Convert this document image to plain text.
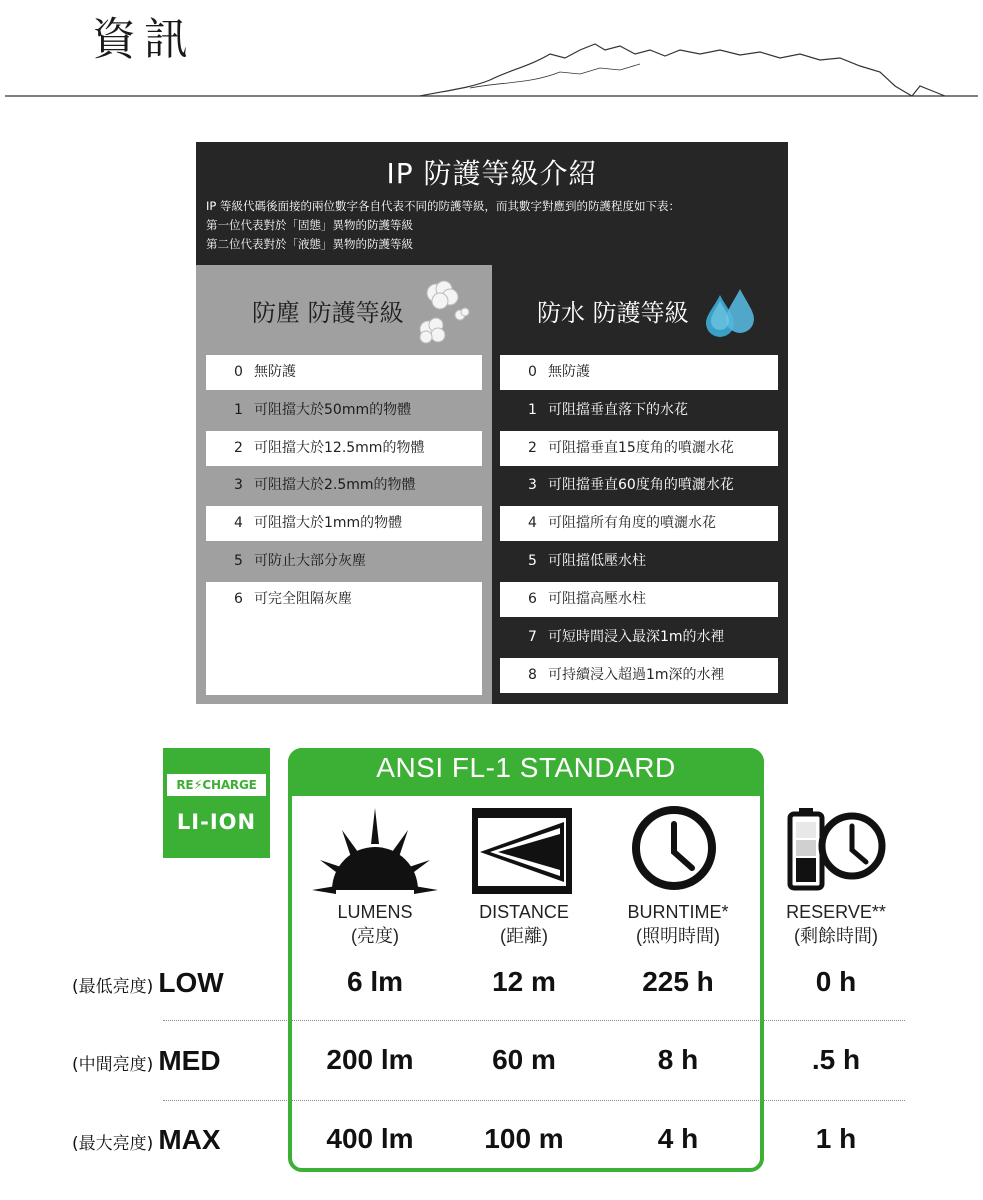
資訊
IP 防護等級介紹
IP 等級代碼後面接的兩位數字各自代表不同的防護等級，而其數字對應到的防護程度如下表：
第一位代表對於「固態」異物的防護等級
第二位代表對於「液態」異物的防護等級
防塵 防護等級
0 無防護
1 可阻擋大於50mm的物體
2 可阻擋大於12.5mm的物體
3 可阻擋大於2.5mm的物體
4 可阻擋大於1mm的物體
5 可防止大部分灰塵
6 可完全阻隔灰塵
防水 防護等級
0 無防護
1 可阻擋垂直落下的水花
2 可阻擋垂直15度角的噴灑水花
3 可阻擋垂直60度角的噴灑水花
4 可阻擋所有角度的噴灑水花
5 可阻擋低壓水柱
6 可阻擋高壓水柱
7 可短時間浸入最深1m的水裡
8 可持續浸入超過1m深的水裡
RE⚡CHARGE
LI-ION
ANSI FL-1 STANDARD
LUMENS
(亮度)
DISTANCE
(距離)
BURNTIME*
(照明時間)
RESERVE**
(剩餘時間)
(最低亮度) LOW	6 lm	12 m	225 h	0 h
(中間亮度) MED	200 lm	60 m	8 h	.5 h
(最大亮度) MAX	400 lm	100 m	4 h	1 h
